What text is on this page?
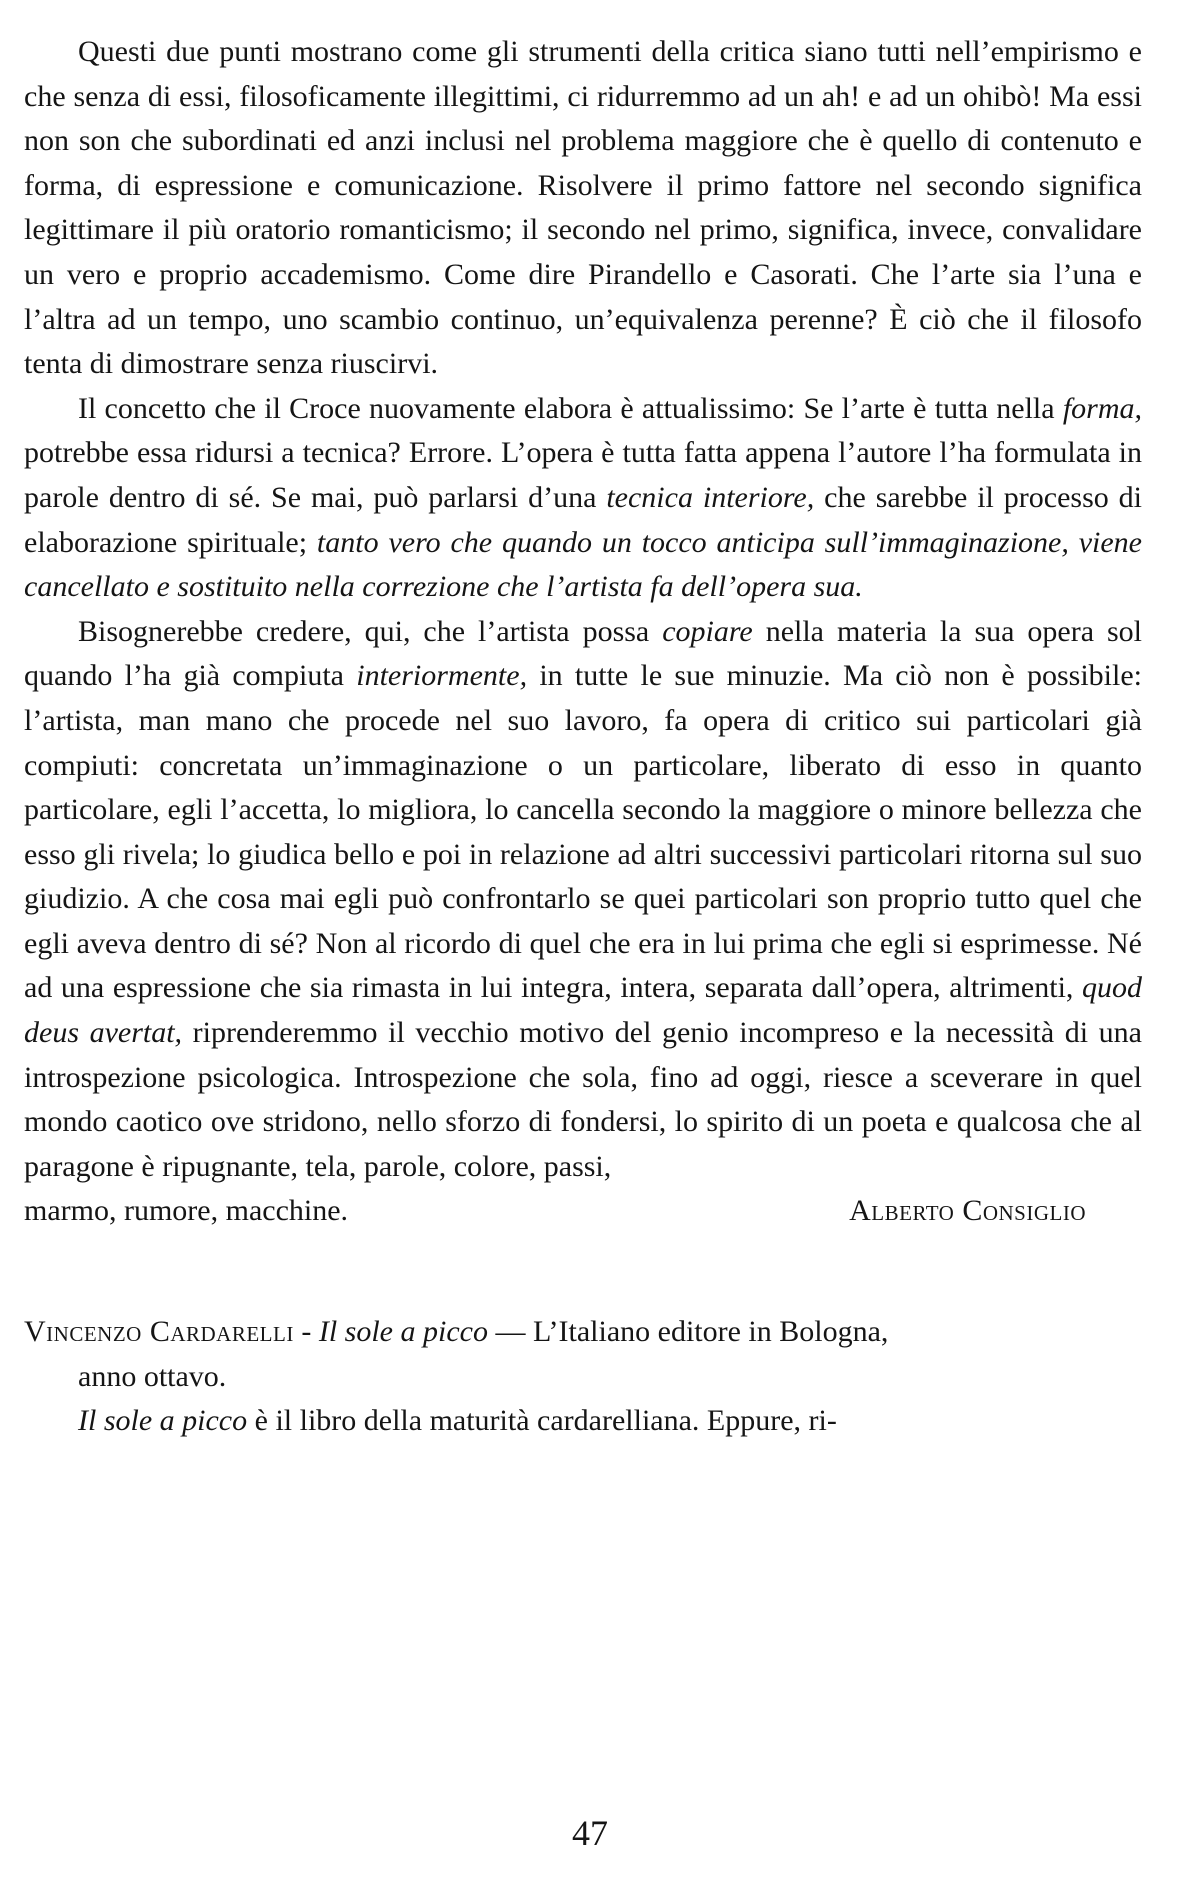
Questi due punti mostrano come gli strumenti della critica siano tutti nell’empirismo e che senza di essi, filosoficamente illegittimi, ci ridurremmo ad un ah! e ad un ohibò! Ma essi non son che subordinati ed anzi inclusi nel problema maggiore che è quello di contenuto e forma, di espressione e comunicazione. Risolvere il primo fattore nel secondo significa legittimare il più oratorio romanticismo; il secondo nel primo, significa, invece, convalidare un vero e proprio accademismo. Come dire Pirandello e Casorati. Che l’arte sia l’una e l’altra ad un tempo, uno scambio continuo, un’equivalenza perenne? È ciò che il filosofo tenta di dimostrare senza riuscirvi.

Il concetto che il Croce nuovamente elabora è attualissimo: Se l’arte è tutta nella forma, potrebbe essa ridursi a tecnica? Errore. L’opera è tutta fatta appena l’autore l’ha formulata in parole dentro di sé. Se mai, può parlarsi d’una tecnica interiore, che sarebbe il processo di elaborazione spirituale; tanto vero che quando un tocco anticipa sull’immaginazione, viene cancellato e sostituito nella correzione che l’artista fa dell’opera sua.

Bisognerebbe credere, qui, che l’artista possa copiare nella materia la sua opera sol quando l’ha già compiuta interiormente, in tutte le sue minuzie. Ma ciò non è possibile: l’artista, man mano che procede nel suo lavoro, fa opera di critico sui particolari già compiuti: concretata un’immaginazione o un particolare, liberato di esso in quanto particolare, egli l’accetta, lo migliora, lo cancella secondo la maggiore o minore bellezza che esso gli rivela; lo giudica bello e poi in relazione ad altri successivi particolari ritorna sul suo giudizio. A che cosa mai egli può confrontarlo se quei particolari son proprio tutto quel che egli aveva dentro di sé? Non al ricordo di quel che era in lui prima che egli si esprimesse. Né ad una espressione che sia rimasta in lui integra, intera, separata dall’opera, altrimenti, quod deus avertat, riprenderemmo il vecchio motivo del genio incompreso e la necessità di una introspezione psicologica. Introspezione che sola, fino ad oggi, riesce a sceverare in quel mondo caotico ove stridono, nello sforzo di fondersi, lo spirito di un poeta e qualcosa che al paragone è ripugnante, tela, parole, colore, passi,

marmo, rumore, macchine.	Alberto Consiglio

Vincenzo Cardarelli - Il sole a picco — L’Italiano editore in Bologna,

anno ottavo.

Il sole a picco è il libro della maturità cardarelliana. Eppure, ri-

47
